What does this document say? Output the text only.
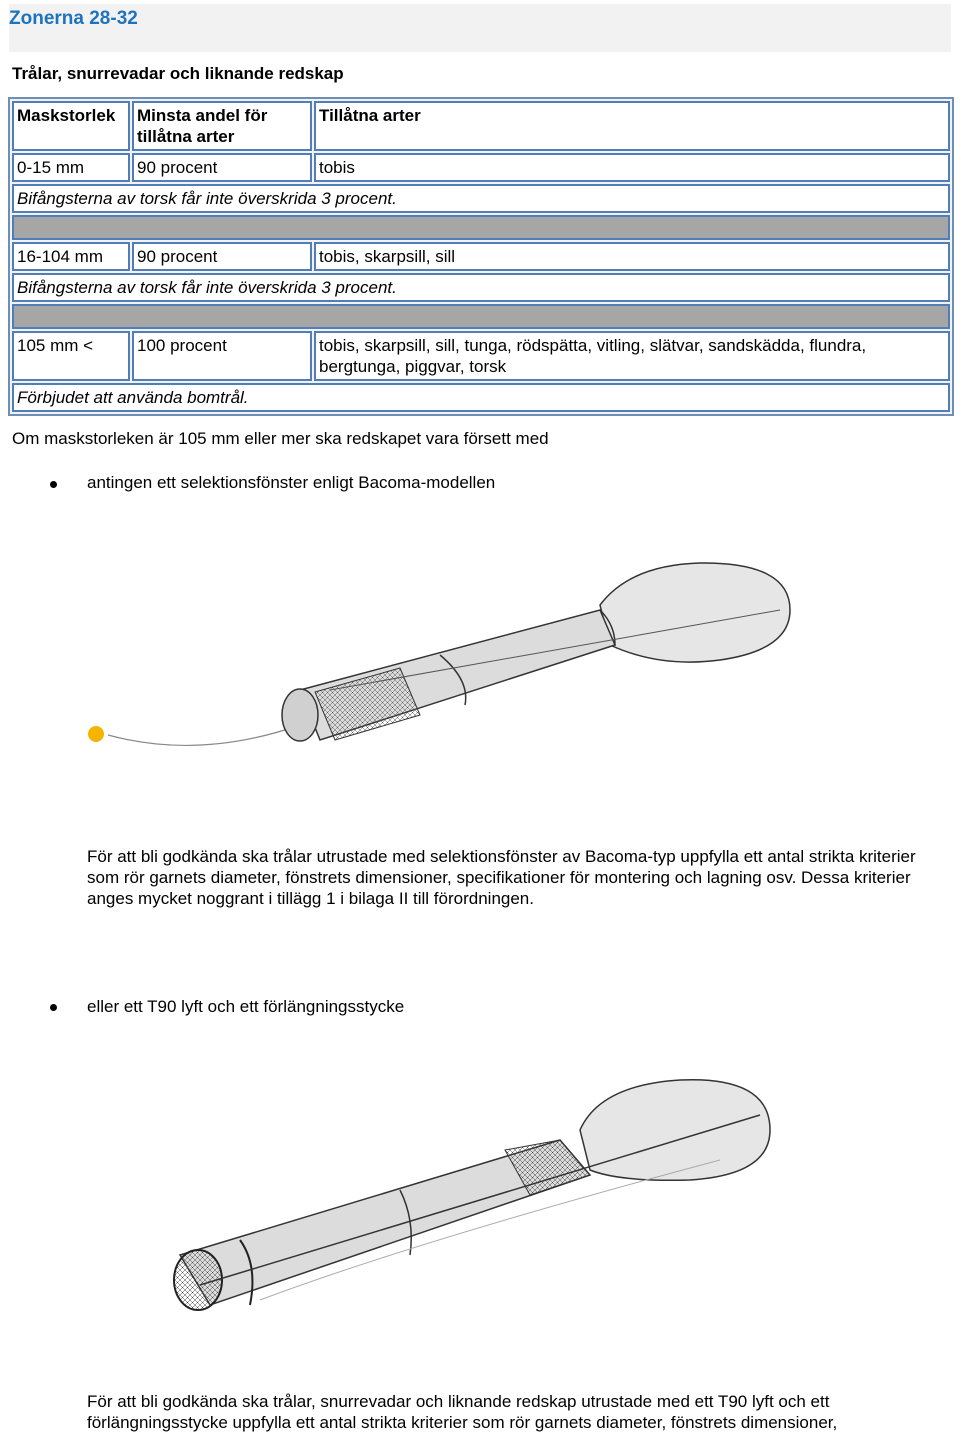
Zonerna 28-32
Trålar, snurrevadar och liknande redskap
Maskstorlek	Minsta andel för tillåtna arter	Tillåtna arter
0-15 mm	90 procent	tobis
Bifångsterna av torsk får inte överskrida 3 procent.		

16-104 mm	90 procent	tobis, skarpsill, sill
Bifångsterna av torsk får inte överskrida 3 procent.		

105 mm <	100 procent	tobis, skarpsill, sill, tunga, rödspätta, vitling, slätvar, sandskädda, flundra, bergtunga, piggvar, torsk
Förbjudet att använda bomtrål.		
Om maskstorleken är 105 mm eller mer ska redskapet vara försett med
antingen ett selektionsfönster enligt Bacoma-modellen
För att bli godkända ska trålar utrustade med selektionsfönster av Bacoma-typ uppfylla ett antal strikta kriterier som rör garnets diameter, fönstrets dimensioner, specifikationer för montering och lagning osv. Dessa kriterier anges mycket noggrant i tillägg 1 i bilaga II till förordningen.
eller ett T90 lyft och ett förlängningsstycke
För att bli godkända ska trålar, snurrevadar och liknande redskap utrustade med ett T90 lyft och ett förlängningsstycke uppfylla ett antal strikta kriterier som rör garnets diameter, fönstrets dimensioner,
